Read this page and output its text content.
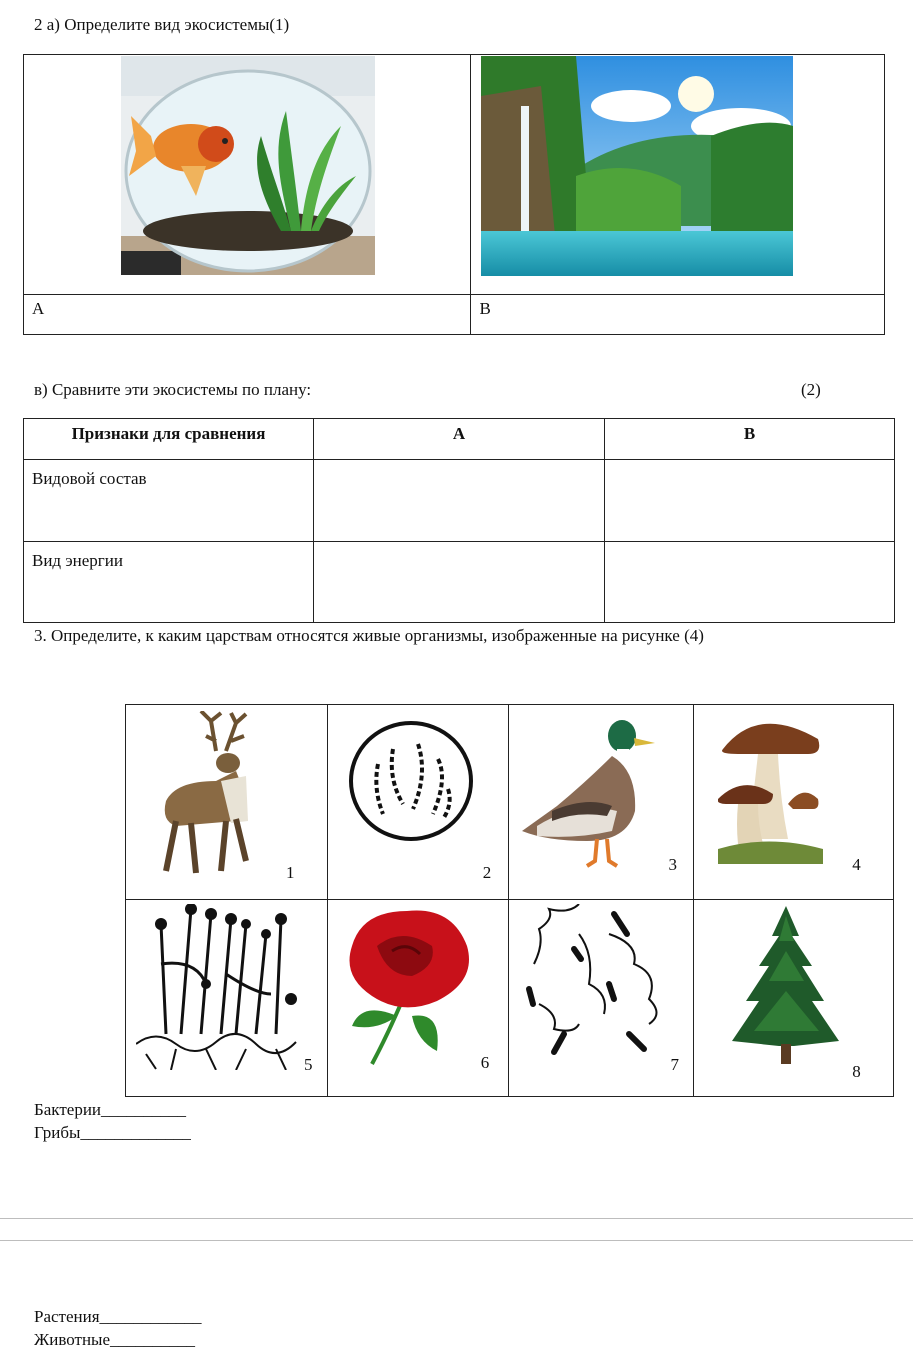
2 а) Определите вид экосистемы(1)

А	В
в) Сравните эти экосистемы по плану:	(2)
Признаки для сравнения	А	В

Видовой состав		

Вид энергии		

3. Определите, к каким царствам относятся живые организмы, изображенные на рисунке (4)
1	2	3	4

5	6	7	8
Бактерии__________
Грибы_____________
Растения____________
Животные__________
